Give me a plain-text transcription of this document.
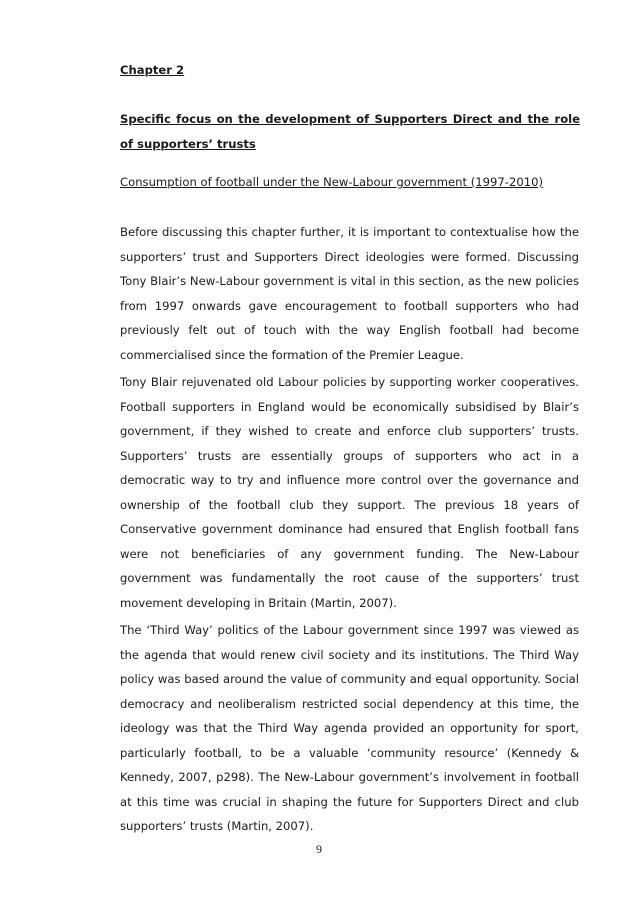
Chapter 2
Specific focus on the development of Supporters Direct and the role of supporters’ trusts
Consumption of football under the New-Labour government (1997-2010)

Before discussing this chapter further, it is important to contextualise how the supporters’ trust and Supporters Direct ideologies were formed. Discussing Tony Blair’s New-Labour government is vital in this section, as the new policies from 1997 onwards gave encouragement to football supporters who had previously felt out of touch with the way English football had become commercialised since the formation of the Premier League.

Tony Blair rejuvenated old Labour policies by supporting worker cooperatives. Football supporters in England would be economically subsidised by Blair’s government, if they wished to create and enforce club supporters’ trusts. Supporters’ trusts are essentially groups of supporters who act in a democratic way to try and influence more control over the governance and ownership of the football club they support. The previous 18 years of Conservative government dominance had ensured that English football fans were not beneficiaries of any government funding. The New-Labour government was fundamentally the root cause of the supporters’ trust movement developing in Britain (Martin, 2007).

The ‘Third Way’ politics of the Labour government since 1997 was viewed as the agenda that would renew civil society and its institutions. The Third Way policy was based around the value of community and equal opportunity. Social democracy and neoliberalism restricted social dependency at this time, the ideology was that the Third Way agenda provided an opportunity for sport, particularly football, to be a valuable ‘community resource’ (Kennedy & Kennedy, 2007, p298). The New-Labour government’s involvement in football at this time was crucial in shaping the future for Supporters Direct and club supporters’ trusts (Martin, 2007).

9
